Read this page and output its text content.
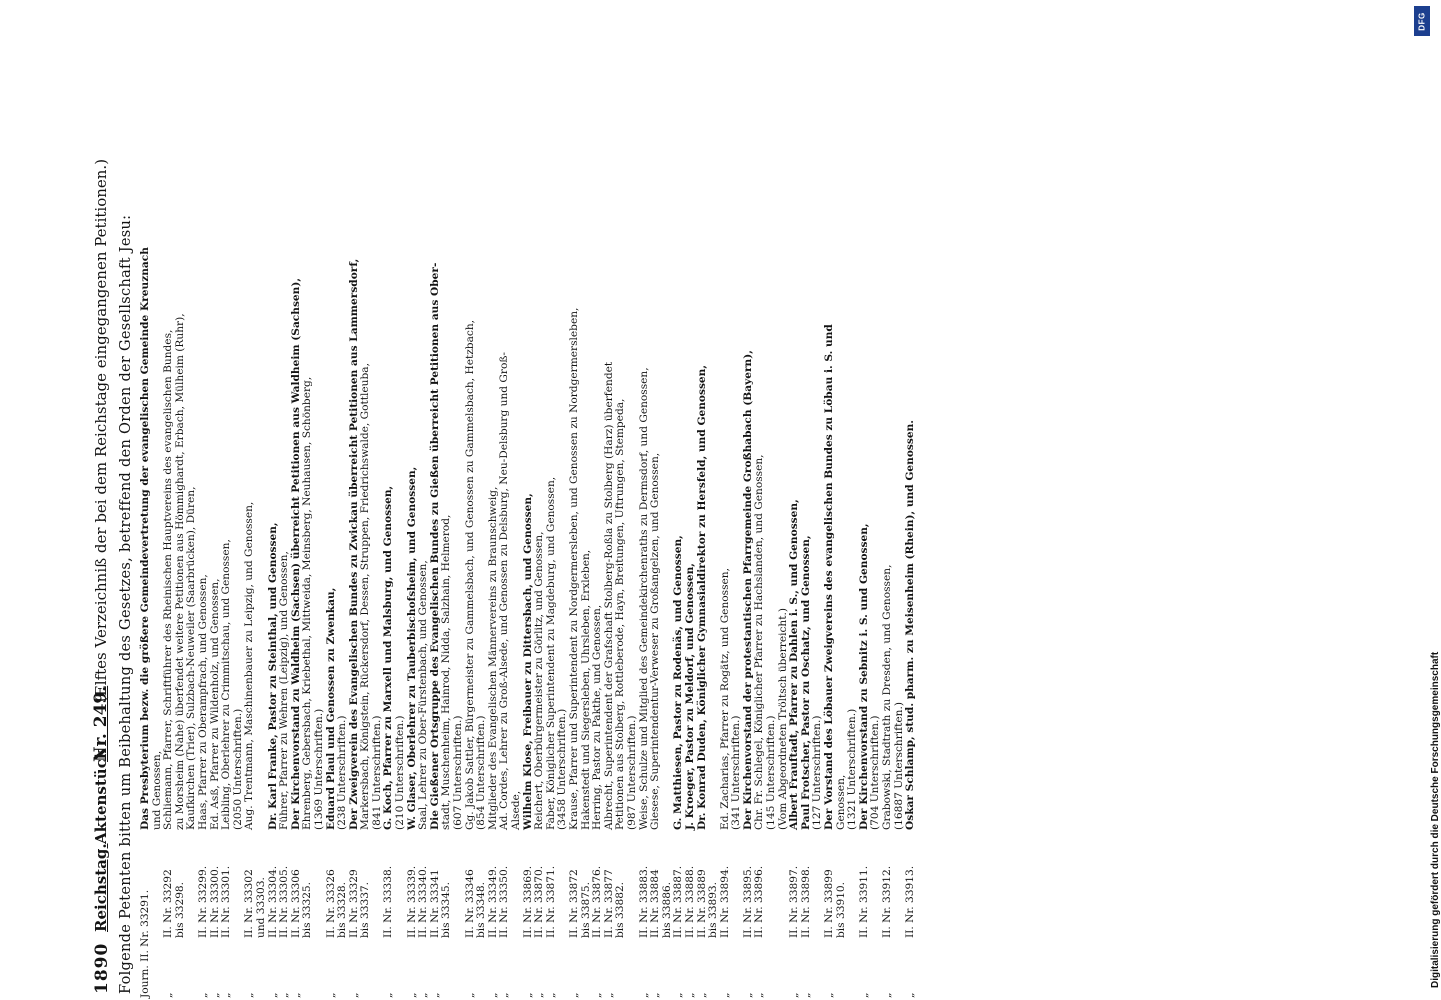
1890
Reichstag.
Aktenstück
Nr. 249.
(Elftes Verzeichniß der bei dem Reichstage eingegangenen Petitionen.) Folgende Petenten bitten um Beibehaltung des Gesetzes, betreffend den Orden der Gesellschaft Jesu: Journ. II. Nr. 33291.
Das Presbyterium bezw. die größere Gemeindevertretung der evangelischen Gemeinde Kreuznach und Genossen,
„
II. Nr. 33292
Schliemann, Pfarrer, Schriftführer des Rheinischen Hauptvereins des evangelischen Bundes,
bis 33298.
zu Morsheim (Nahe) überfendet weitere Petitionen aus Hömmighardt, Erbach, Mülheim (Ruhr), Kaufkirchen (Trier), Sulzbach-Neuweiler (Saarbrücken), Düren,
„
II. Nr. 33299.
Haas, Pfarrer zu Oberampfrach, und Genossen,
„
II. Nr. 33300.
Ed. Asß, Pfarrer zu Wildenholz, und Genossen,
„
II. Nr. 33301.
Leibling, Oberlehrer zu Crimmitschau, und Genossen, (2050 Unterschriften.)
„
II. Nr. 33302
Aug. Trentmann, Maschinenbauer zu Leipzig, und Genossen,
und 33303.
„
II. Nr. 33304.
Dr. Karl Franke, Pastor zu Steinthal, und Genossen,
„
II. Nr. 33305.
Führer, Pfarrer zu Wehren (Leipzig), und Genossen,
„
II. Nr. 33306
Der Kirchenvorstand zu Waldheim (Sachsen) überreicht Petitionen aus Waldheim (Sachsen),
bis 33325.
Ehrenberg, Gebersbach, Kriebethal, Mittweida, Meinsberg, Neuhausen, Schönberg, (1369 Unterschriften.)
„
II. Nr. 33326
Eduard Plaul und Genossen zu Zwenkau,
bis 33328.
(238 Unterschriften.)
„
II. Nr. 33329
Der Zweigverein des Evangelischen Bundes zu Zwickau überreicht Petitionen aus Lammersdorf,
bis 33337.
Markersbach, Königstein, Rückersdorf, Dessen, Struppen, Friedrichswalde, Gottleuba, (841 Unterschriften.)
„
II. Nr. 33338.
G. Koch, Pfarrer zu Marxell und Malsburg, und Genossen, (210 Unterschriften.)
„
II. Nr. 33339.
W. Glaser, Oberlehrer zu Tauberbischofsheim, und Genossen,
„
II. Nr. 33340.
Saal, Lehrer zu Ober-Fürstenbach, und Genossen,
„
II. Nr. 33341
Die Gießener Ortsgruppe des Evangelischen Bundes zu Gießen überreicht Petitionen aus Ober-
bis 33345.
stadt, Muschenheim, Hainrod, Nidda, Salzhain, Helmerod, (607 Unterschriften.)
„
II. Nr. 33346
Gg. Jakob Sattler, Bürgermeister zu Gammelsbach, und Genossen zu Gammelsbach, Hetzbach,
bis 33348.
(854 Unterschriften.)
„
II. Nr. 33349.
Mitglieder des Evangelischen Männervereins zu Braunschweig,
„
II. Nr. 33350.
Ad. Cordes, Lehrer zu Groß-Alsede, und Genossen zu Delsburg, Neu-Delsburg und Groß- Alsede,
„
II. Nr. 33869.
Wilhelm Klose, Freibauer zu Dittersbach, und Genossen,
„
II. Nr. 33870.
Reichert, Oberbürgermeister zu Görlitz, und Genossen,
„
II. Nr. 33871.
Faber, Königlicher Superintendent zu Magdeburg, und Genossen, (3458 Unterschriften.)
„
II. Nr. 33872
Krause, Pfarrer und Superintendent zu Nordgermersleben, und Genossen zu Nordgermersleben,
bis 33875.
Hakenstedt und Siegersleben, Uhrsleben, Erxleben,
„
II. Nr. 33876.
Herring, Pastor zu Pakthe, und Genossen,
„
II. Nr. 33877
Albrecht, Superintendent der Grafschaft Stolberg-Roßla zu Stolberg (Harz) überfendet
bis 33882.
Petitionen aus Stolberg, Rottleberode, Hayn, Breitungen, Uftrungen, Stempeda, (987 Unterschriften.)
„
II. Nr. 33883.
Weise, Schulze und Mitglied des Gemeindekirchenraths zu Dermsdorf, und Genossen,
„
II. Nr. 33884
Giesese, Superintendentur-Verweser zu Großangelzen, und Genossen,
bis 33886.
„
II. Nr. 33887.
G. Matthiesen, Pastor zu Rodenäs, und Genossen,
„
II. Nr. 33888.
J. Kroeger, Pastor zu Meldorf, und Genossen,
„
II. Nr. 33889
Dr. Konrad Duden, Königlicher Gymnasialdirektor zu Hersfeld, und Genossen,
bis 33893.
„
II. Nr. 33894.
Ed. Zacharias, Pfarrer zu Rogätz, und Genossen, (341 Unterschriften.)
„
II. Nr. 33895.
Der Kirchenvorstand der protestantischen Pfarrgemeinde Großhabach (Bayern),
„
II. Nr. 33896.
Chr. Fr. Schlegel, Königlicher Pfarrer zu Hachslanden, und Genossen, (145 Unterschriften.) (Vom Abgeordneten Tröltsch überreicht.)
„
II. Nr. 33897.
Albert Frauftadt, Pfarrer zu Dahlen i. S., und Genossen,
„
II. Nr. 33898.
Paul Frotscher, Pastor zu Oschatz, und Genossen, (127 Unterschriften.)
„
II. Nr. 33899
Der Vorstand des Löbauer Zweigvereins des evangelischen Bundes zu Löbau i. S. und
bis 33910.
Genossen, (1321 Unterschriften.)
„
II. Nr. 33911.
Der Kirchenvorstand zu Sebnitz i. S. und Genossen, (704 Unterschriften.)
„
II. Nr. 33912.
Grabowski, Stadtrath zu Dresden, und Genossen, (16887 Unterschriften.)
„
II. Nr. 33913.
Oskar Schlamp, stud. pharm. zu Meisenheim (Rhein), und Genossen.
DFG
Digitalisierung gefördert durch die Deutsche Forschungsgemeinschaft
